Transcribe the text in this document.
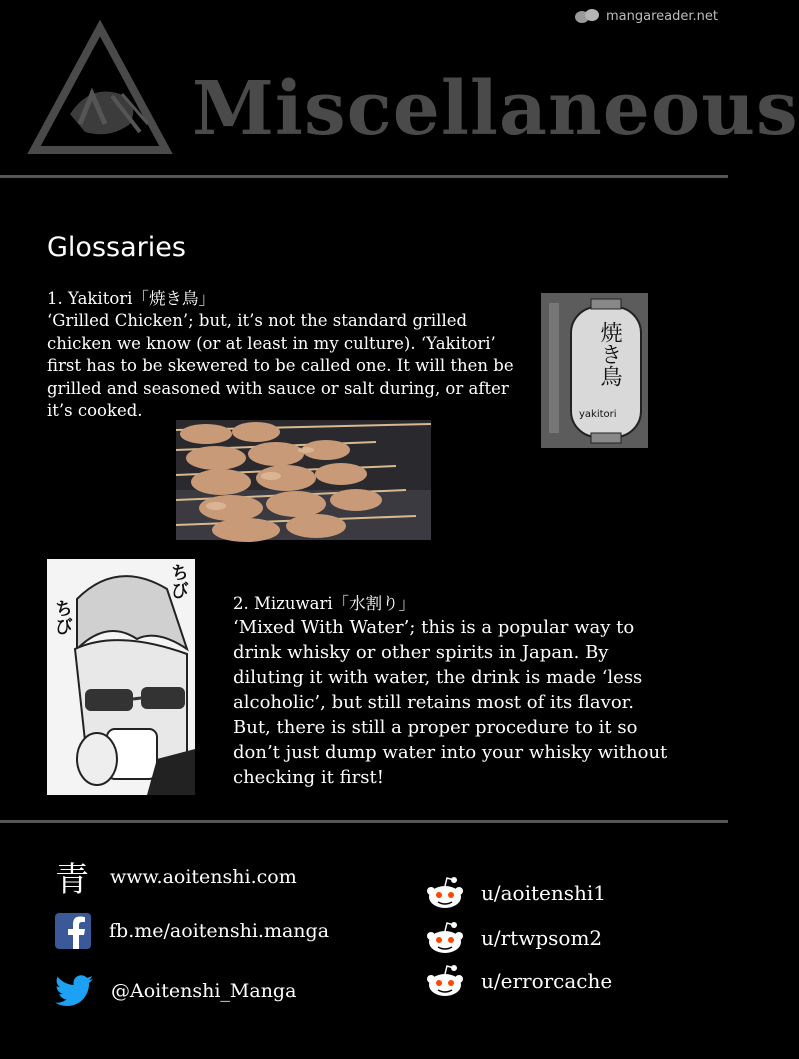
mangareader.net
Miscellaneous
Glossaries
1. Yakitori「焼き鳥」
‘Grilled Chicken’; but, it’s not the standard grilled chicken we know (or at least in my culture). ‘Yakitori’ first has to be skewered to be called one. It will then be grilled and seasoned with sauce or salt during, or after it’s cooked.
焼き鳥
yakitori
ちび
ちび	2. Mizuwari「水割り」
‘Mixed With Water’; this is a popular way to drink whisky or other spirits in Japan. By diluting it with water, the drink is made ‘less alcoholic’, but still retains most of its flavor. But, there is still a proper procedure to it so don’t just dump water into your whisky without checking it first!
青 www.aoitenshi.com
fb.me/aoitenshi.manga
@Aoitenshi_Manga
u/aoitenshi1
u/rtwpsom2
u/errorcache
